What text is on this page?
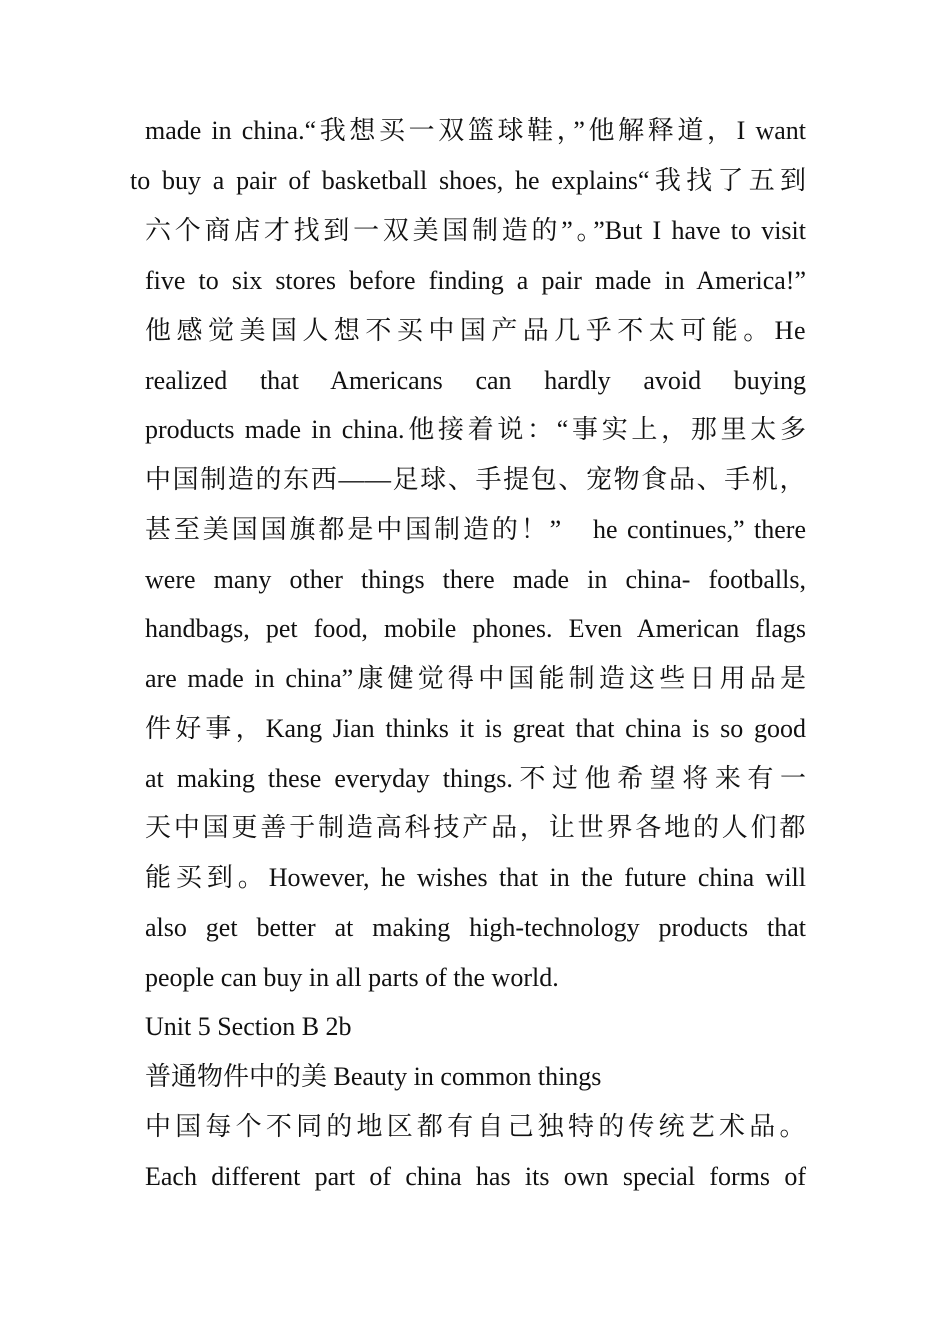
made in china.“我想买一双篮球鞋，”他解释道，I want
to buy a pair of basketball shoes, he explains“我找了五到
六个商店才找到一双美国制造的”。”But I have to visit
five to six stores before finding a pair made in America!”
他感觉美国人想不买中国产品几乎不太可能。He
realized that Americans can hardly avoid buying
products made in china.他接着说：“事实上，那里太多
中国制造的东西——足球、手提包、宠物食品、手机，
甚至美国国旗都是中国制造的！”　he continues,” there
were many other things there made in china- footballs,
handbags, pet food, mobile phones. Even American flags
are made in china”康健觉得中国能制造这些日用品是
件好事，Kang Jian thinks it is great that china is so good
at making these everyday things.不过他希望将来有一
天中国更善于制造高科技产品，让世界各地的人们都
能买到。However, he wishes that in the future china will
also get better at making high-technology products that
people can buy in all parts of the world.
Unit 5 Section B 2b
普通物件中的美 Beauty in common things
中国每个不同的地区都有自己独特的传统艺术品。
Each different part of china has its own special forms of
